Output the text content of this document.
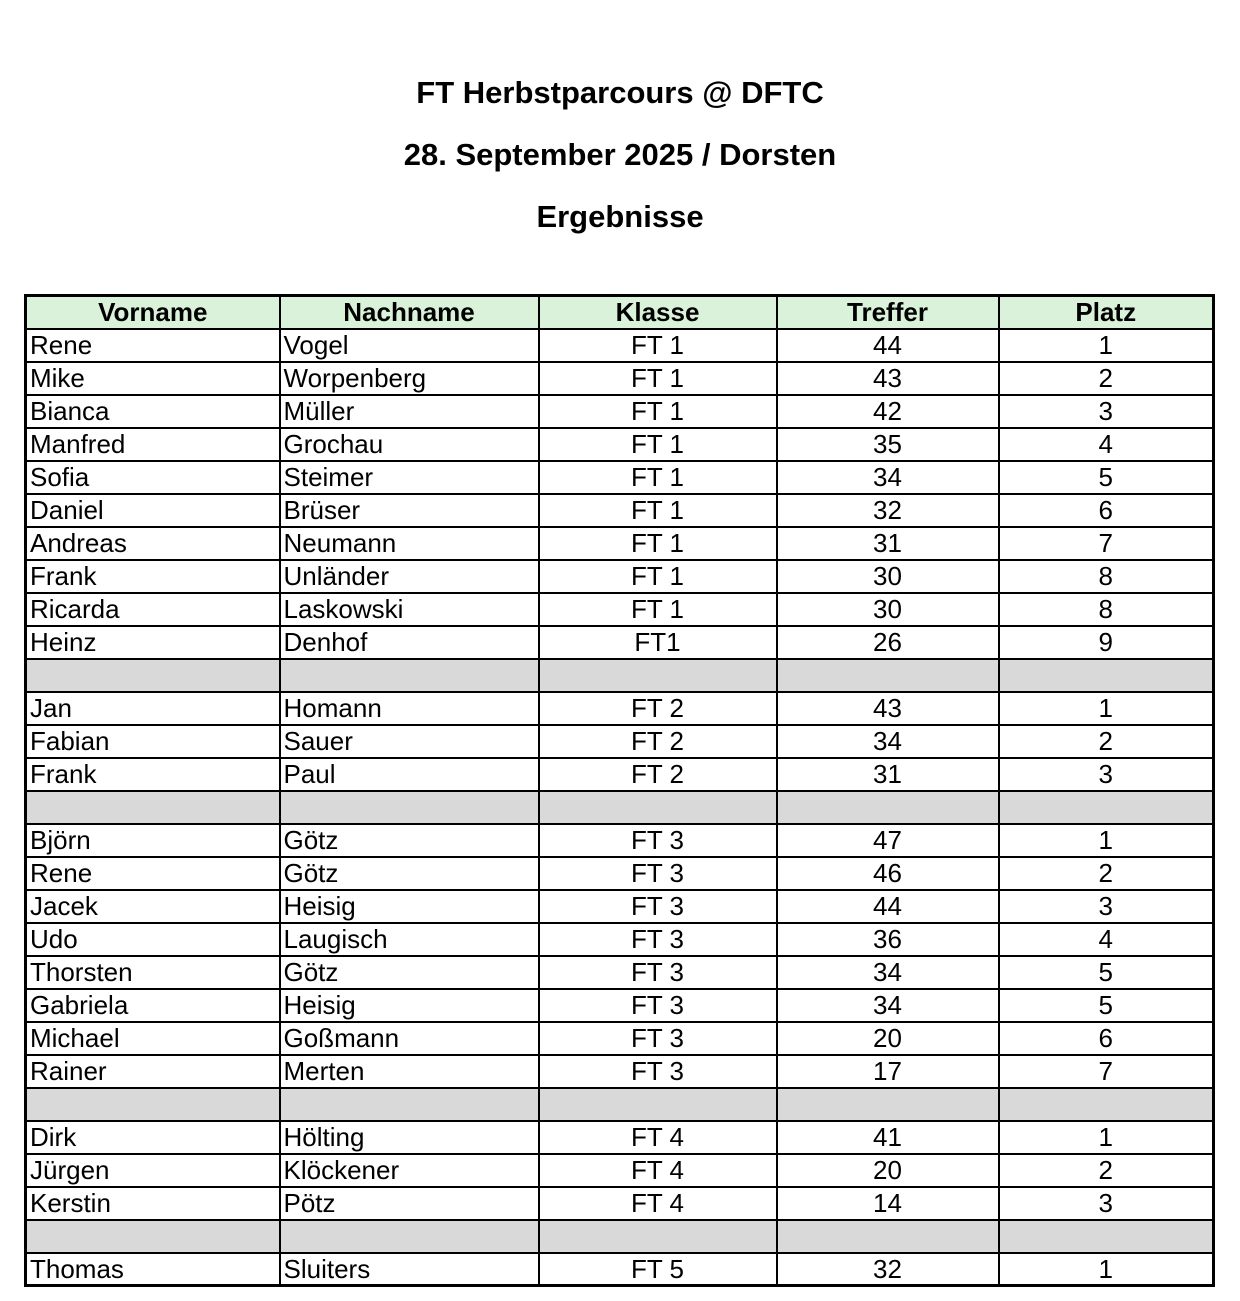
FT Herbstparcours @ DFTC
28. September 2025 / Dorsten
Ergebnisse
Vorname	Nachname	Klasse	Treffer	Platz
Rene	Vogel	FT 1	44	1
Mike	Worpenberg	FT 1	43	2
Bianca	Müller	FT 1	42	3
Manfred	Grochau	FT 1	35	4
Sofia	Steimer	FT 1	34	5
Daniel	Brüser	FT 1	32	6
Andreas	Neumann	FT 1	31	7
Frank	Unländer	FT 1	30	8
Ricarda	Laskowski	FT 1	30	8
Heinz	Denhof	FT1	26	9

Jan	Homann	FT 2	43	1
Fabian	Sauer	FT 2	34	2
Frank	Paul	FT 2	31	3

Björn	Götz	FT 3	47	1
Rene	Götz	FT 3	46	2
Jacek	Heisig	FT 3	44	3
Udo	Laugisch	FT 3	36	4
Thorsten	Götz	FT 3	34	5
Gabriela	Heisig	FT 3	34	5
Michael	Goßmann	FT 3	20	6
Rainer	Merten	FT 3	17	7

Dirk	Hölting	FT 4	41	1
Jürgen	Klöckener	FT 4	20	2
Kerstin	Pötz	FT 4	14	3

Thomas	Sluiters	FT 5	32	1
